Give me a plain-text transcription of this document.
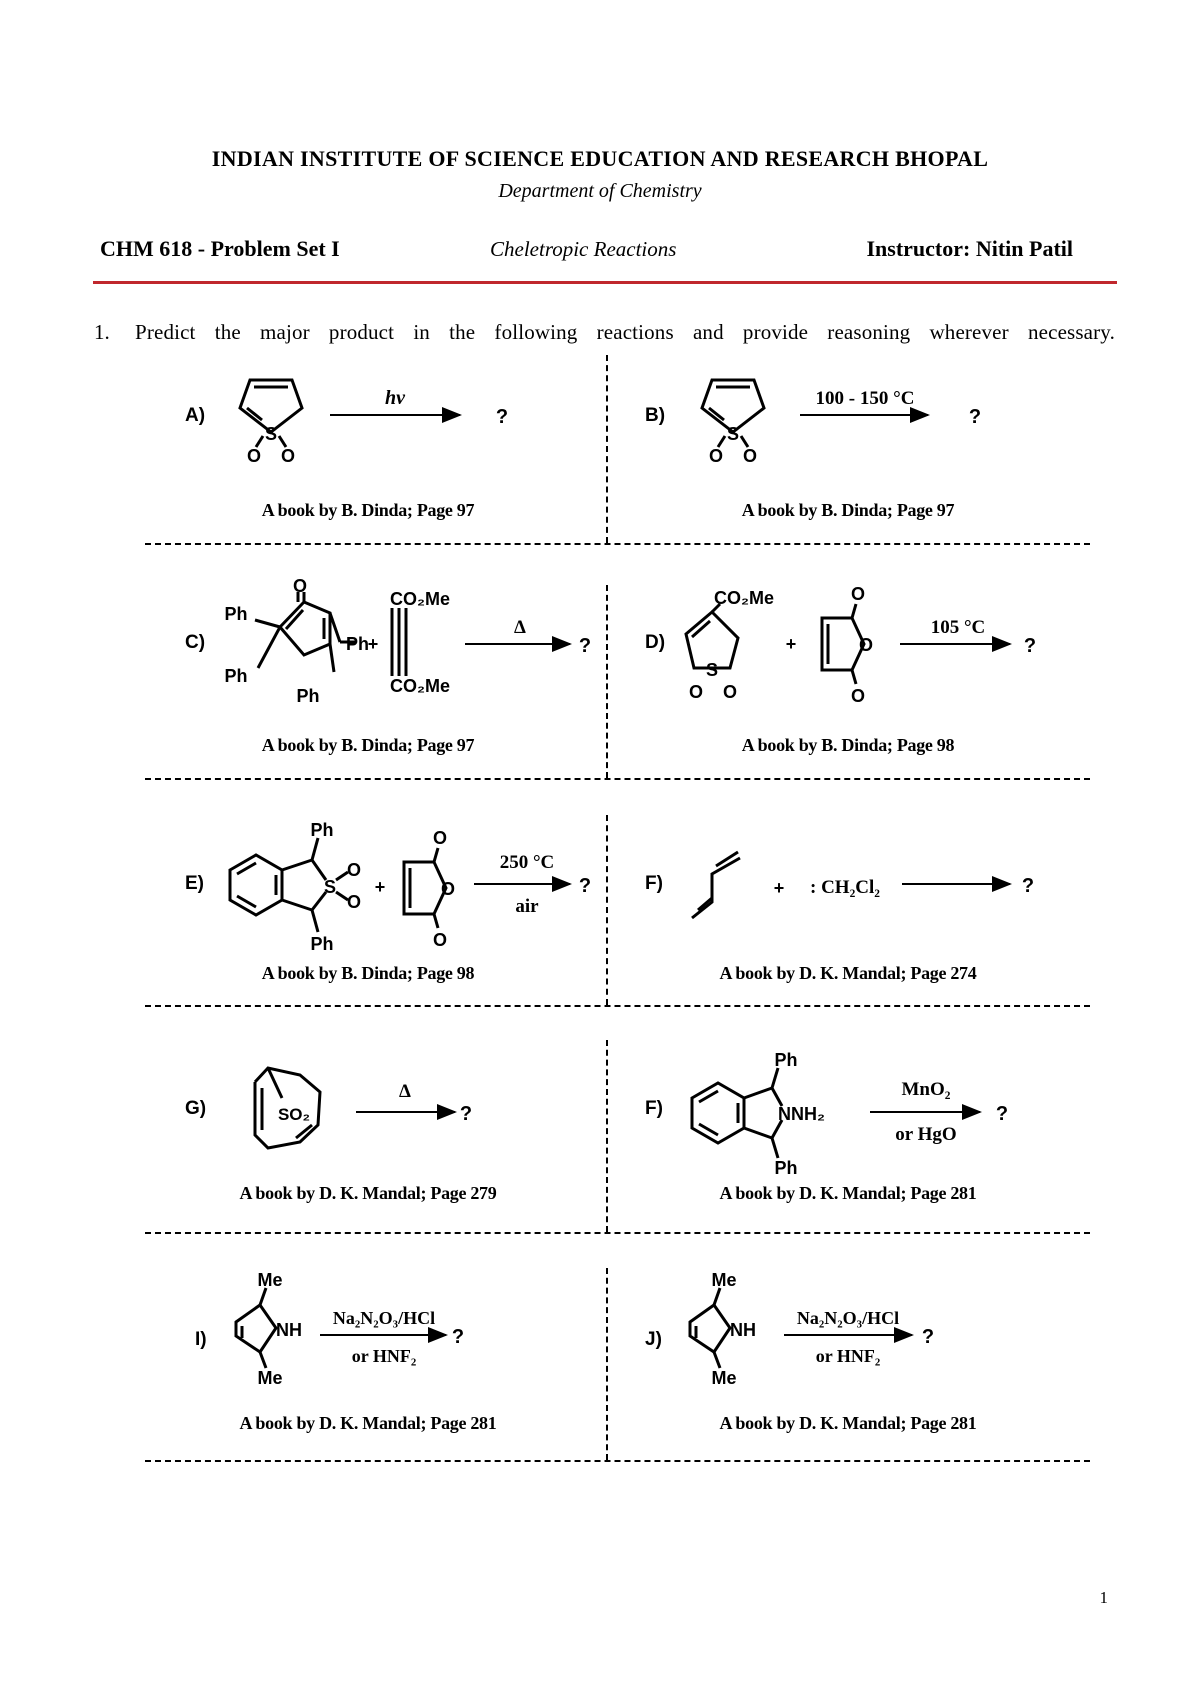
INDIAN INSTITUTE OF SCIENCE EDUCATION AND RESEARCH BHOPAL
Department of Chemistry
CHM 618 - Problem Set I	Cheletropic Reactions	Instructor: Nitin Patil
1. Predict the major product in the following reactions and provide reasoning wherever necessary.
A)	B)
C)	D)
E)	F)
G)	F)
I)	J)
A book by B. Dinda; Page 97	A book by B. Dinda; Page 97
A book by B. Dinda; Page 97	A book by B. Dinda; Page 98
A book by B. Dinda; Page 98	A book by D. K. Mandal; Page 274
A book by D. K. Mandal; Page 279	A book by D. K. Mandal; Page 281
A book by D. K. Mandal; Page 281	A book by D. K. Mandal; Page 281
S
O O
hν
?
S
O O
100 - 150 °C
?
O
Ph
Ph
Ph
Ph
+
CO₂Me
CO₂Me
Δ
?
CO₂Me
S
O O
+
O
O
O
105 °C
?
Ph
Ph
S
O
O
+
O
O
O
250 °C
air
?	+ : CH₂Cl₂	?
SO₂
Δ
?
Ph
Ph
NNH₂
MnO₂
or HgO
?
Me
Me
NH
Na₂N₂O₃/HCl
or HNF₂
?
Me
Me
NH
Na₂N₂O₃/HCl
or HNF₂
?
1
